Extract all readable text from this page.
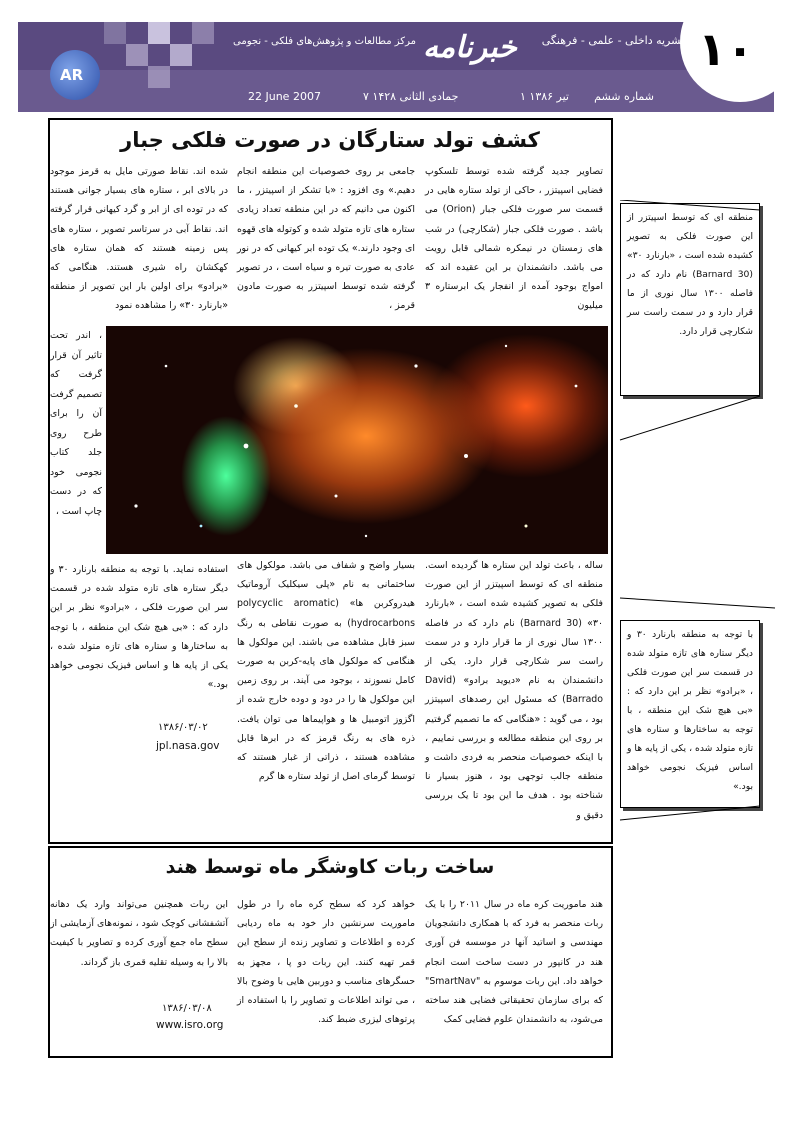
۱۰
نشریه داخلی - علمی - فرهنگی
خبرنامه
مرکز مطالعات و پژوهش‌های فلکی - نجومی
شماره ششم
۱ تیر ۱۳۸۶
۷ جمادی الثانی ۱۴۲۸
22 June 2007
AR
کشف تولد ستارگان در صورت فلکی جبار
تصاویر جدید گرفته شده توسط تلسکوپ فضایی اسپیتزر ، حاکی از تولد ستاره هایی در قسمت سر صورت فلکی جبار (Orion) می باشد . صورت فلکی جبار (شکارچی) در شب های زمستان در نیمکره شمالی قابل رویت می باشد. دانشمندان بر این عقیده اند که امواج بوجود آمده از انفجار یک ابرستاره ۳ میلیون
جامعی بر روی خصوصیات این منطقه انجام دهیم.» وی افزود : «با تشکر از اسپیتزر ، ما اکنون می دانیم که در این منطقه تعداد زیادی ستاره های تازه متولد شده و کوتوله های قهوه ای وجود دارند.» یک توده ابر کیهانی که در نور عادی به صورت تیره و سیاه است ، در تصویر گرفته شده توسط اسپیتزر به صورت مادون قرمز ،
شده اند. نقاط صورتی مایل به قرمز موجود در بالای ابر ، ستاره های بسیار جوانی هستند که در توده ای از ابر و گرد کیهانی قرار گرفته اند. نقاط آبی در سرتاسر تصویر ، ستاره های پس زمینه هستند که همان ستاره های کهکشان راه شیری هستند. هنگامی که «برادو» برای اولین بار این تصویر از منطقه «بارنارد ۳۰» را مشاهده نمود
، اندر تحت تاثیر آن قرار گرفت که تصمیم گرفت آن را برای طرح روی جلد کتاب نجومی خود که در دست چاپ است ،
ساله ، باعث تولد این ستاره ها گردیده است. منطقه ای که توسط اسپیتزر از این صورت فلکی به تصویر کشیده شده است ، «بارنارد ۳۰» (Barnard 30) نام دارد که در فاصله ۱۳۰۰ سال نوری از ما قرار دارد و در سمت راست سر شکارچی قرار دارد. یکی از دانشمندان به نام «دیوید برادو» (David Barrado) که مسئول این رصدهای اسپیتزر بود ، می گوید : «هنگامی که ما تصمیم گرفتیم بر روی این منطقه مطالعه و بررسی نماییم ، با اینکه خصوصیات منحصر به فردی داشت و منطقه جالب توجهی بود ، هنوز بسیار نا شناخته بود . هدف ما این بود تا یک بررسی دقیق و
بسیار واضح و شفاف می باشد. مولکول های ساختمانی به نام «پلی سیکلیک آروماتیک هیدروکربن ها» (polycyclic aromatic hydrocarbons) به صورت نقاطی به رنگ سبز قابل مشاهده می باشند. این مولکول ها هنگامی که مولکول های پایه-کربن به صورت کامل نسوزند ، بوجود می آیند. بر روی زمین این مولکول ها را در دود و دوده خارج شده از اگزوز اتومبیل ها و هواپیماها می توان یافت. ذره های به رنگ قرمز که در ابرها قابل مشاهده هستند ، ذراتی از غبار هستند که توسط گرمای اصل از تولد ستاره ها گرم
استفاده نماید. با توجه به منطقه بارنارد ۳۰ و دیگر ستاره های تازه متولد شده در قسمت سر این صورت فلکی ، «برادو» نظر بر این دارد که : «بی هیچ شک این منطقه ، با توجه به ساختارها و ستاره های تازه متولد شده ، یکی از پایه ها و اساس فیزیک نجومی خواهد بود.»
۱۳۸۶/۰۳/۰۲
jpl.nasa.gov
منطقه ای که توسط اسپیتزر از این صورت فلکی به تصویر کشیده شده است ، «بارنارد ۳۰» (Barnard 30) نام دارد که در فاصله ۱۳۰۰ سال نوری از ما قرار دارد و در سمت راست سر شکارچی قرار دارد.
با توجه به منطقه بارنارد ۳۰ و دیگر ستاره های تازه متولد شده در قسمت سر این صورت فلکی ، «برادو» نظر بر این دارد که : «بی هیچ شک این منطقه ، با توجه به ساختارها و ستاره های تازه متولد شده ، یکی از پایه ها و اساس فیزیک نجومی خواهد بود.»
ساخت ربات کاوشگر ماه توسط هند
هند ماموریت کره ماه در سال ۲۰۱۱ را با یک ربات منحصر به فرد که با همکاری دانشجویان مهندسی و اساتید آنها در موسسه فن آوری هند در کانپور در دست ساخت است انجام خواهد داد. این ربات موسوم به "SmartNav" که برای سازمان تحقیقاتی فضایی هند ساخته می‌شود، به دانشمندان علوم فضایی کمک
خواهد کرد که سطح کره ماه را در طول ماموریت سرنشین دار خود به ماه ردیابی کرده و اطلاعات و تصاویر زنده از سطح این قمر تهیه کنند. این ربات دو پا ، مجهز به حسگرهای مناسب و دوربین هایی با وضوح بالا ، می تواند اطلاعات و تصاویر را با استفاده از پرتوهای لیزری ضبط کند.
این ربات همچنین می‌تواند وارد یک دهانه آتشفشانی کوچک شود ، نمونه‌های آزمایشی از سطح ماه جمع آوری کرده و تصاویر با کیفیت بالا را به وسیله تقلیه قمری باز گرداند.
۱۳۸۶/۰۳/۰۸
www.isro.org
